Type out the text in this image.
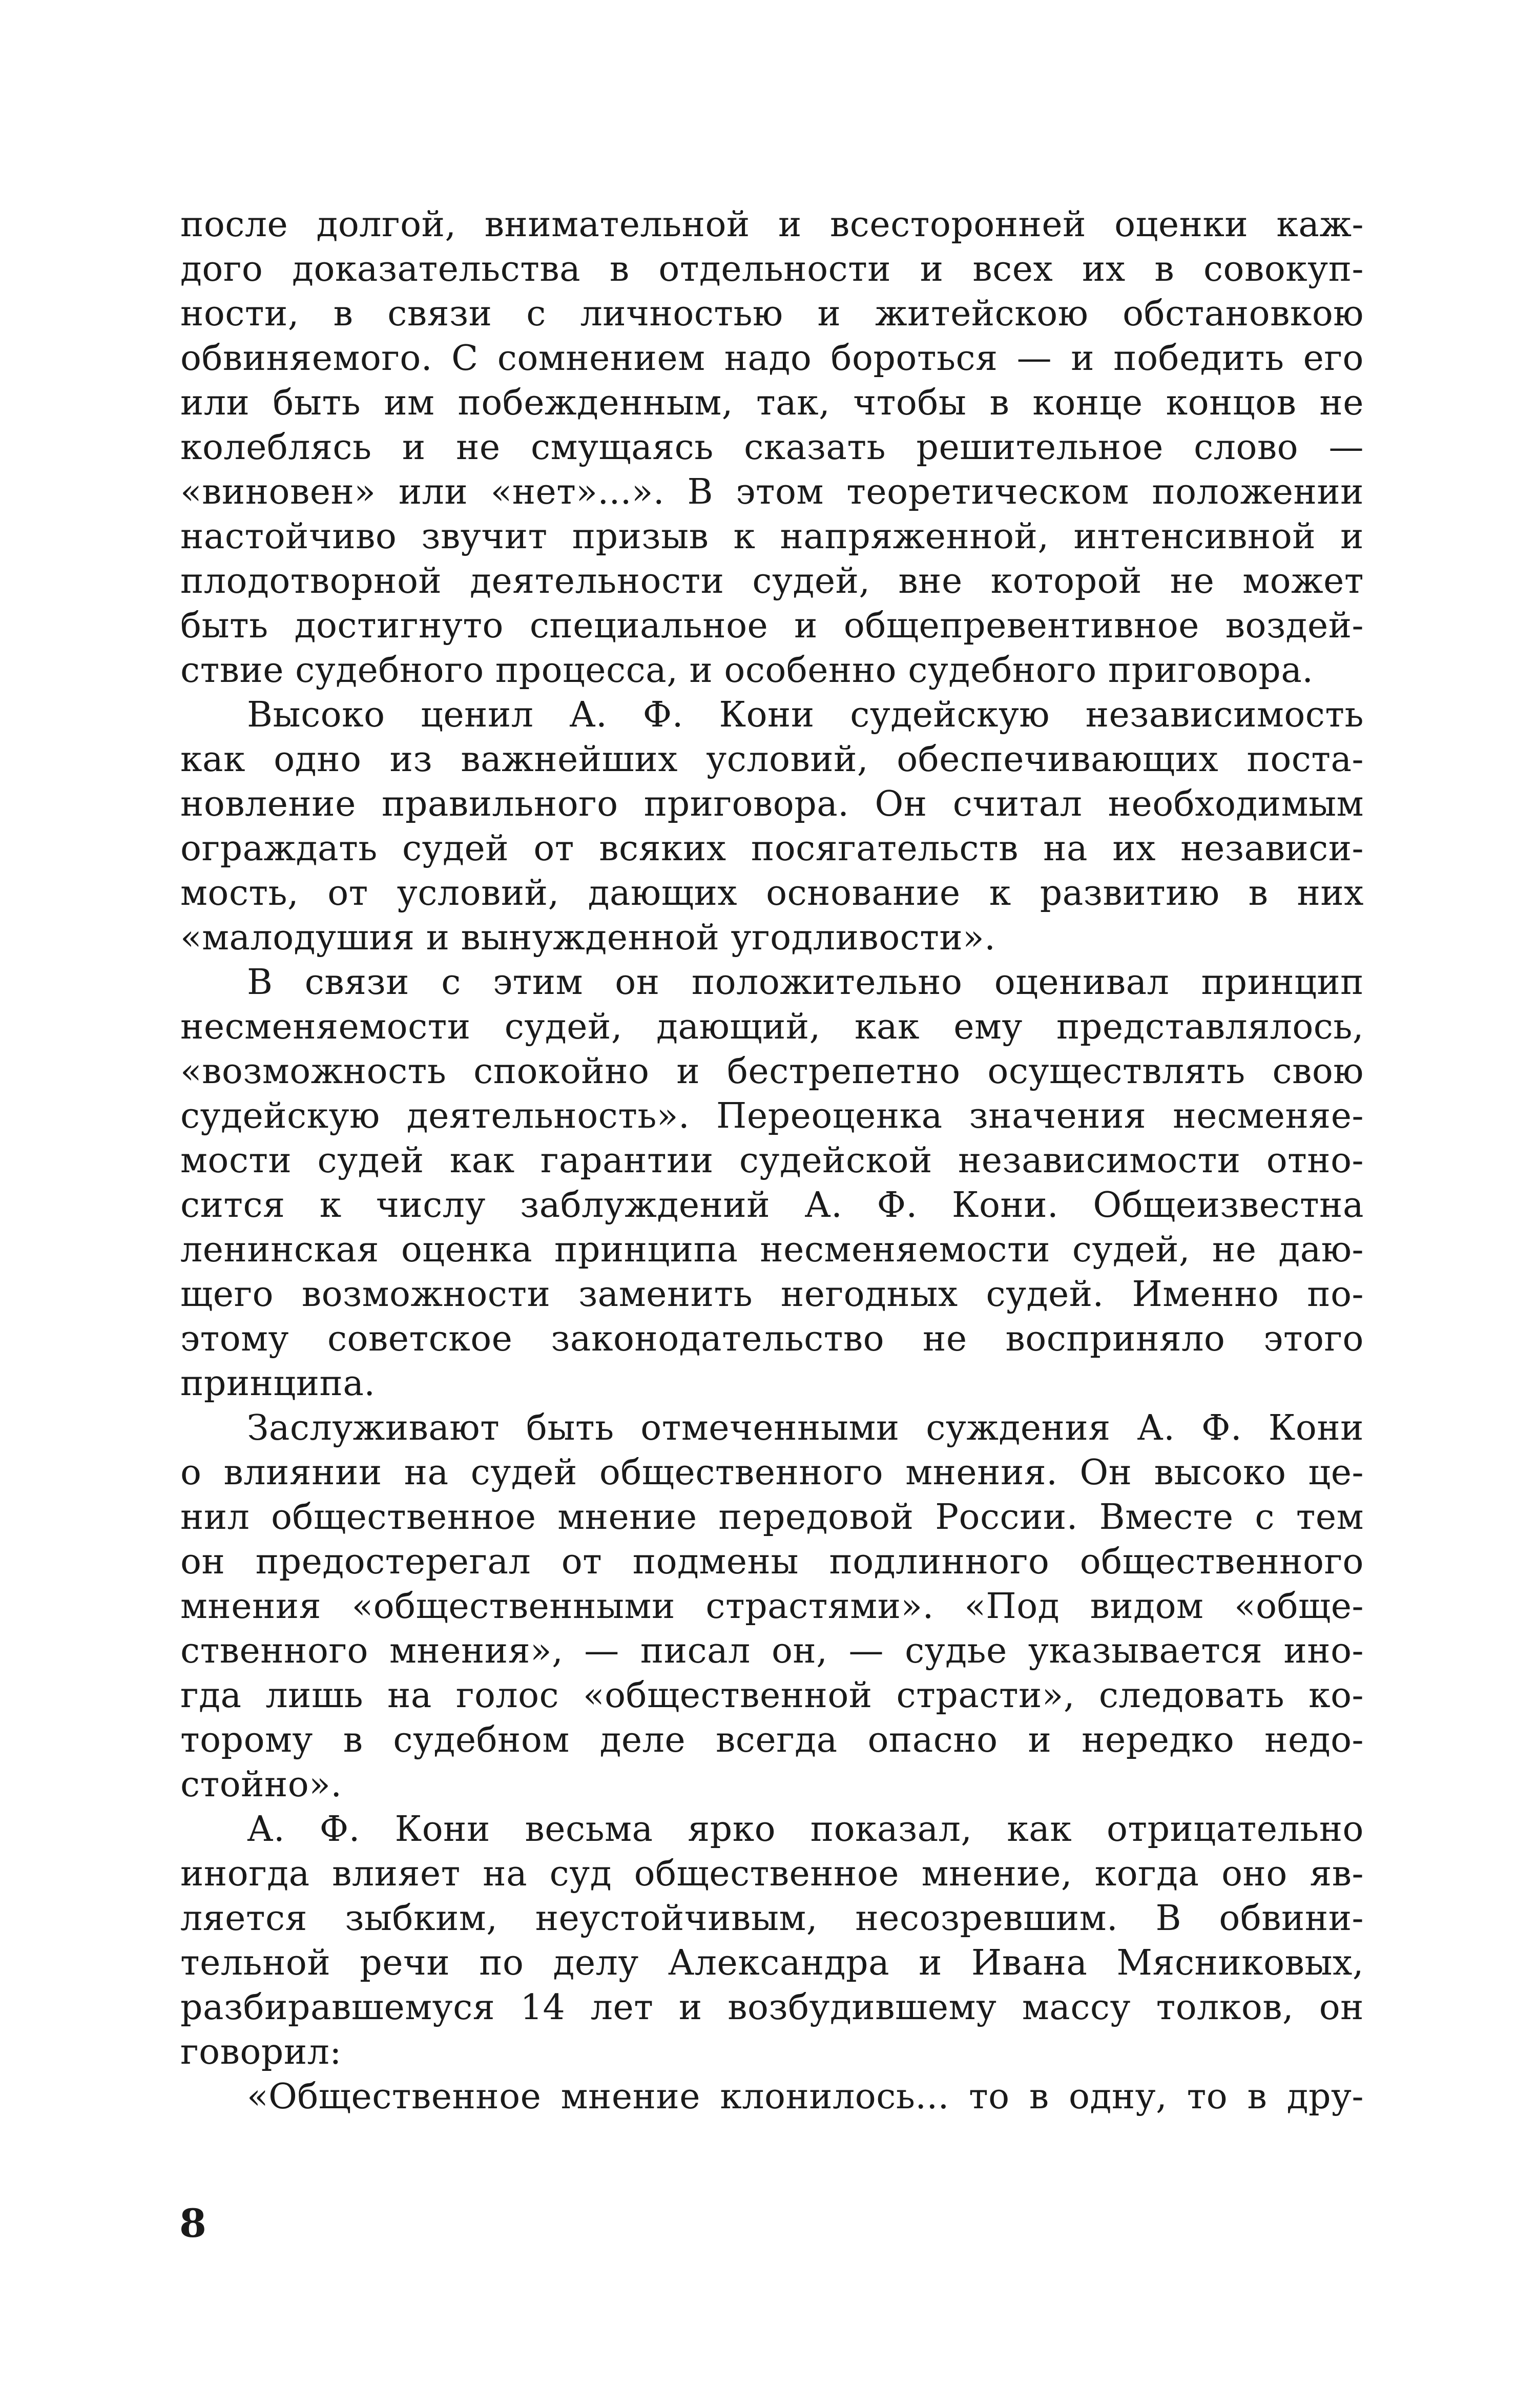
после долгой, внимательной и всесторонней оценки каж-
дого доказательства в отдельности и всех их в совокуп-
ности, в связи с личностью и житейскою обстановкою
обвиняемого. С сомнением надо бороться — и победить его
или быть им побежденным, так, чтобы в конце концов не
колеблясь и не смущаясь сказать решительное слово —
«виновен» или «нет»...». В этом теоретическом положении
настойчиво звучит призыв к напряженной, интенсивной и
плодотворной деятельности судей, вне которой не может
быть достигнуто специальное и общепревентивное воздей-
ствие судебного процесса, и особенно судебного приговора.
Высоко ценил А. Ф. Кони судейскую независимость
как одно из важнейших условий, обеспечивающих поста-
новление правильного приговора. Он считал необходимым
ограждать судей от всяких посягательств на их независи-
мость, от условий, дающих основание к развитию в них
«малодушия и вынужденной угодливости».
В связи с этим он положительно оценивал принцип
несменяемости судей, дающий, как ему представлялось,
«возможность спокойно и бестрепетно осуществлять свою
судейскую деятельность». Переоценка значения несменяе-
мости судей как гарантии судейской независимости отно-
сится к числу заблуждений А. Ф. Кони. Общеизвестна
ленинская оценка принципа несменяемости судей, не даю-
щего возможности заменить негодных судей. Именно по-
этому советское законодательство не восприняло этого
принципа.
Заслуживают быть отмеченными суждения А. Ф. Кони
о влиянии на судей общественного мнения. Он высоко це-
нил общественное мнение передовой России. Вместе с тем
он предостерегал от подмены подлинного общественного
мнения «общественными страстями». «Под видом «обще-
ственного мнения», — писал он, — судье указывается ино-
гда лишь на голос «общественной страсти», следовать ко-
торому в судебном деле всегда опасно и нередко недо-
стойно».
А. Ф. Кони весьма ярко показал, как отрицательно
иногда влияет на суд общественное мнение, когда оно яв-
ляется зыбким, неустойчивым, несозревшим. В обвини-
тельной речи по делу Александра и Ивана Мясниковых,
разбиравшемуся 14 лет и возбудившему массу толков, он
говорил:
«Общественное мнение клонилось... то в одну, то в дру-
8
